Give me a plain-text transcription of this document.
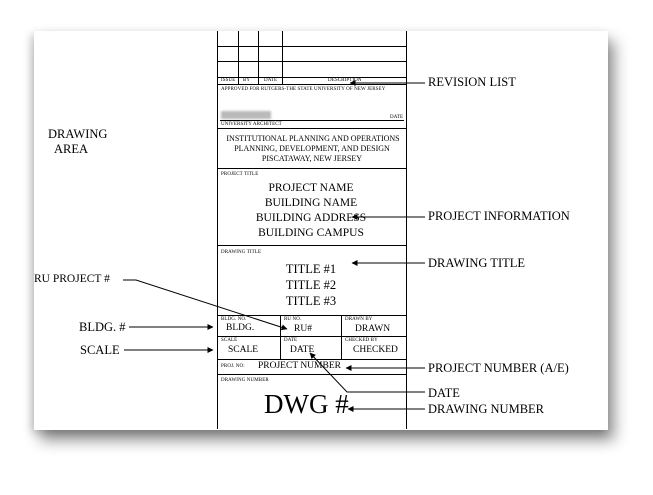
DRAWING
AREA
RU PROJECT #
BLDG. #
SCALE
REVISION LIST
PROJECT INFORMATION
DRAWING TITLE
PROJECT NUMBER (A/E)
DATE
DRAWING NUMBER
ISSUE BY	DATE	DESCRIPTION
APPROVED FOR RUTGERS-THE STATE UNIVERSITY OF NEW JERSEY
UNIVERSITY ARCHITECT
DATE
INSTITUTIONAL PLANNING AND OPERATIONS
PLANNING, DEVELOPMENT, AND DESIGN
PISCATAWAY, NEW JERSEY
PROJECT TITLE
PROJECT NAME
BUILDING NAME
BUILDING ADDRESS
BUILDING CAMPUS
DRAWING TITLE
TITLE #1
TITLE #2
TITLE #3
BLDG. NO.
BLDG.
RU NO.
RU#
DRAWN BY
DRAWN
SCALE
SCALE
DATE
DATE
CHECKED BY
CHECKED
PROJ. NO: PROJECT NUMBER
DRAWING NUMBER
DWG #
